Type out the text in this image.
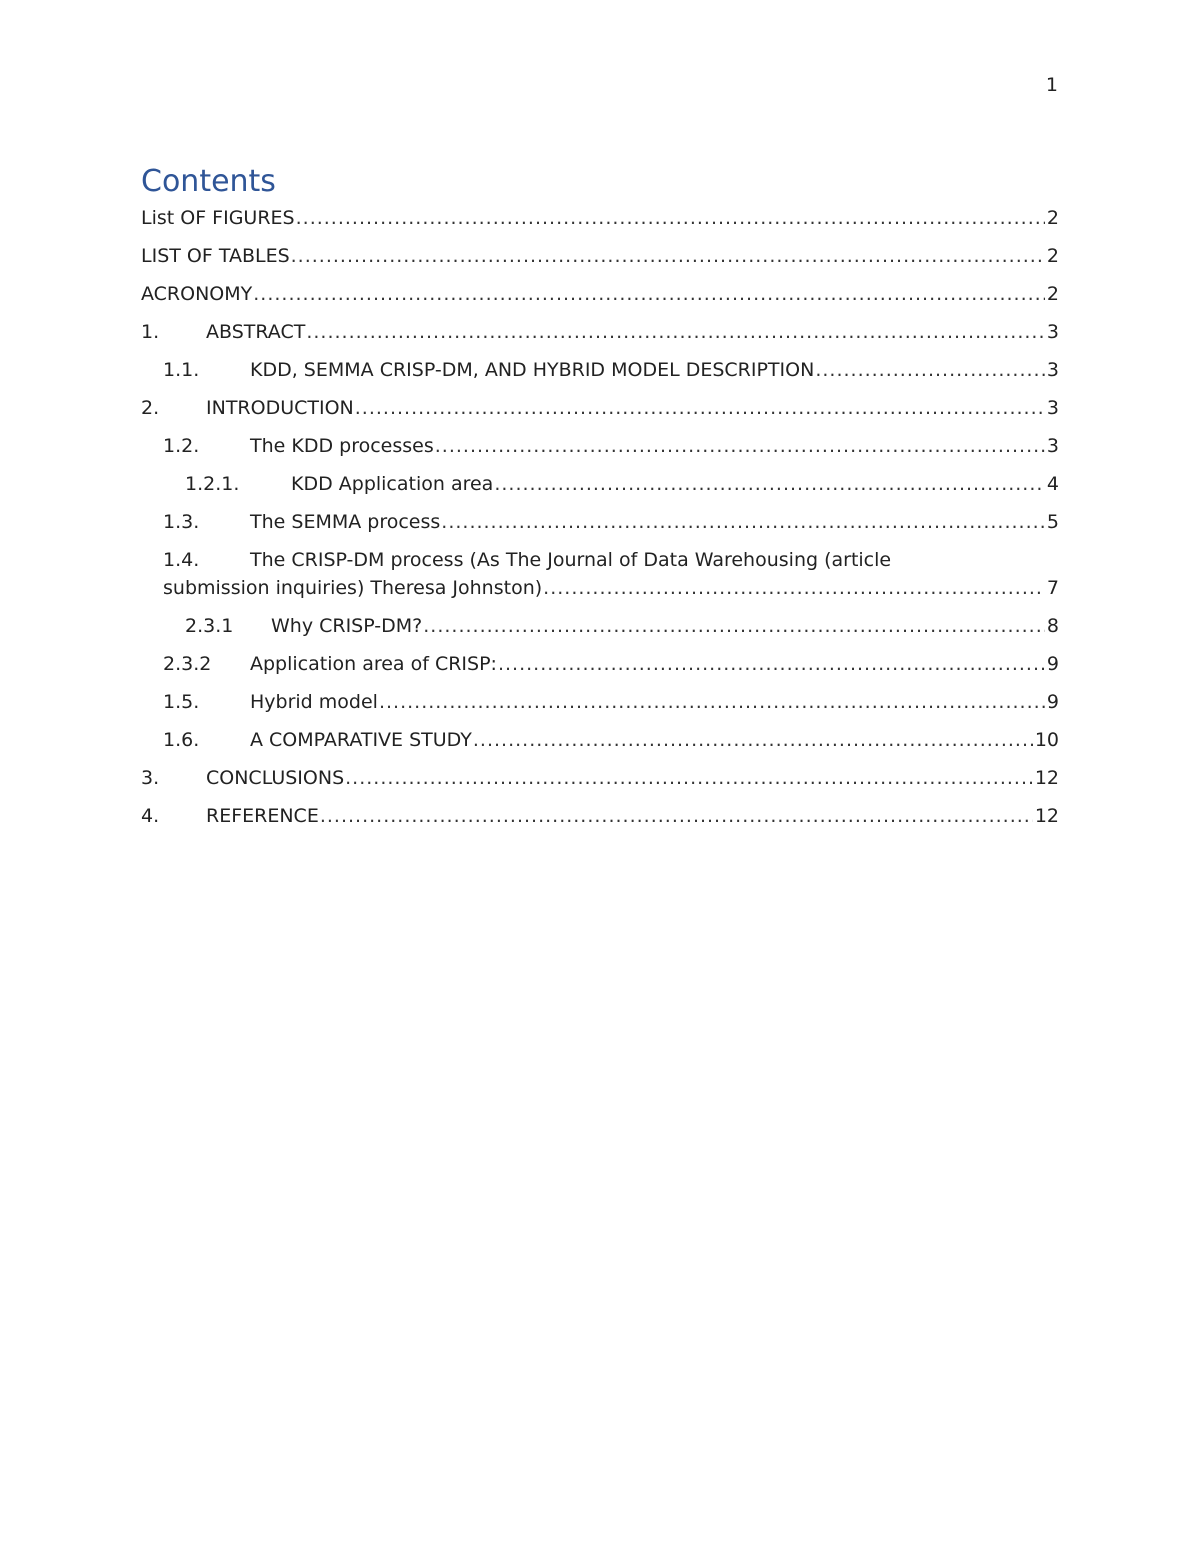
1
Contents
List OF FIGURES .....	2
LIST OF TABLES .....	2
ACRONOMY .....	2
1.	ABSTRACT .....	3
1.1.	KDD, SEMMA CRISP-DM, AND HYBRID MODEL DESCRIPTION .....	3
2.	INTRODUCTION .....	3
1.2.	The KDD processes .....	3
1.2.1.	KDD Application area .....	4
1.3.	The SEMMA process .....	5
1.4.	The CRISP-DM process (As The Journal of Data Warehousing (article
submission inquiries) Theresa Johnston) .....	7
2.3.1	Why CRISP-DM? .....	8
2.3.2	Application area of CRISP: .....	9
1.5.	Hybrid model .....	9
1.6.	A COMPARATIVE STUDY .....	10
3.	CONCLUSIONS .....	12
4.	REFERENCE .....	12
